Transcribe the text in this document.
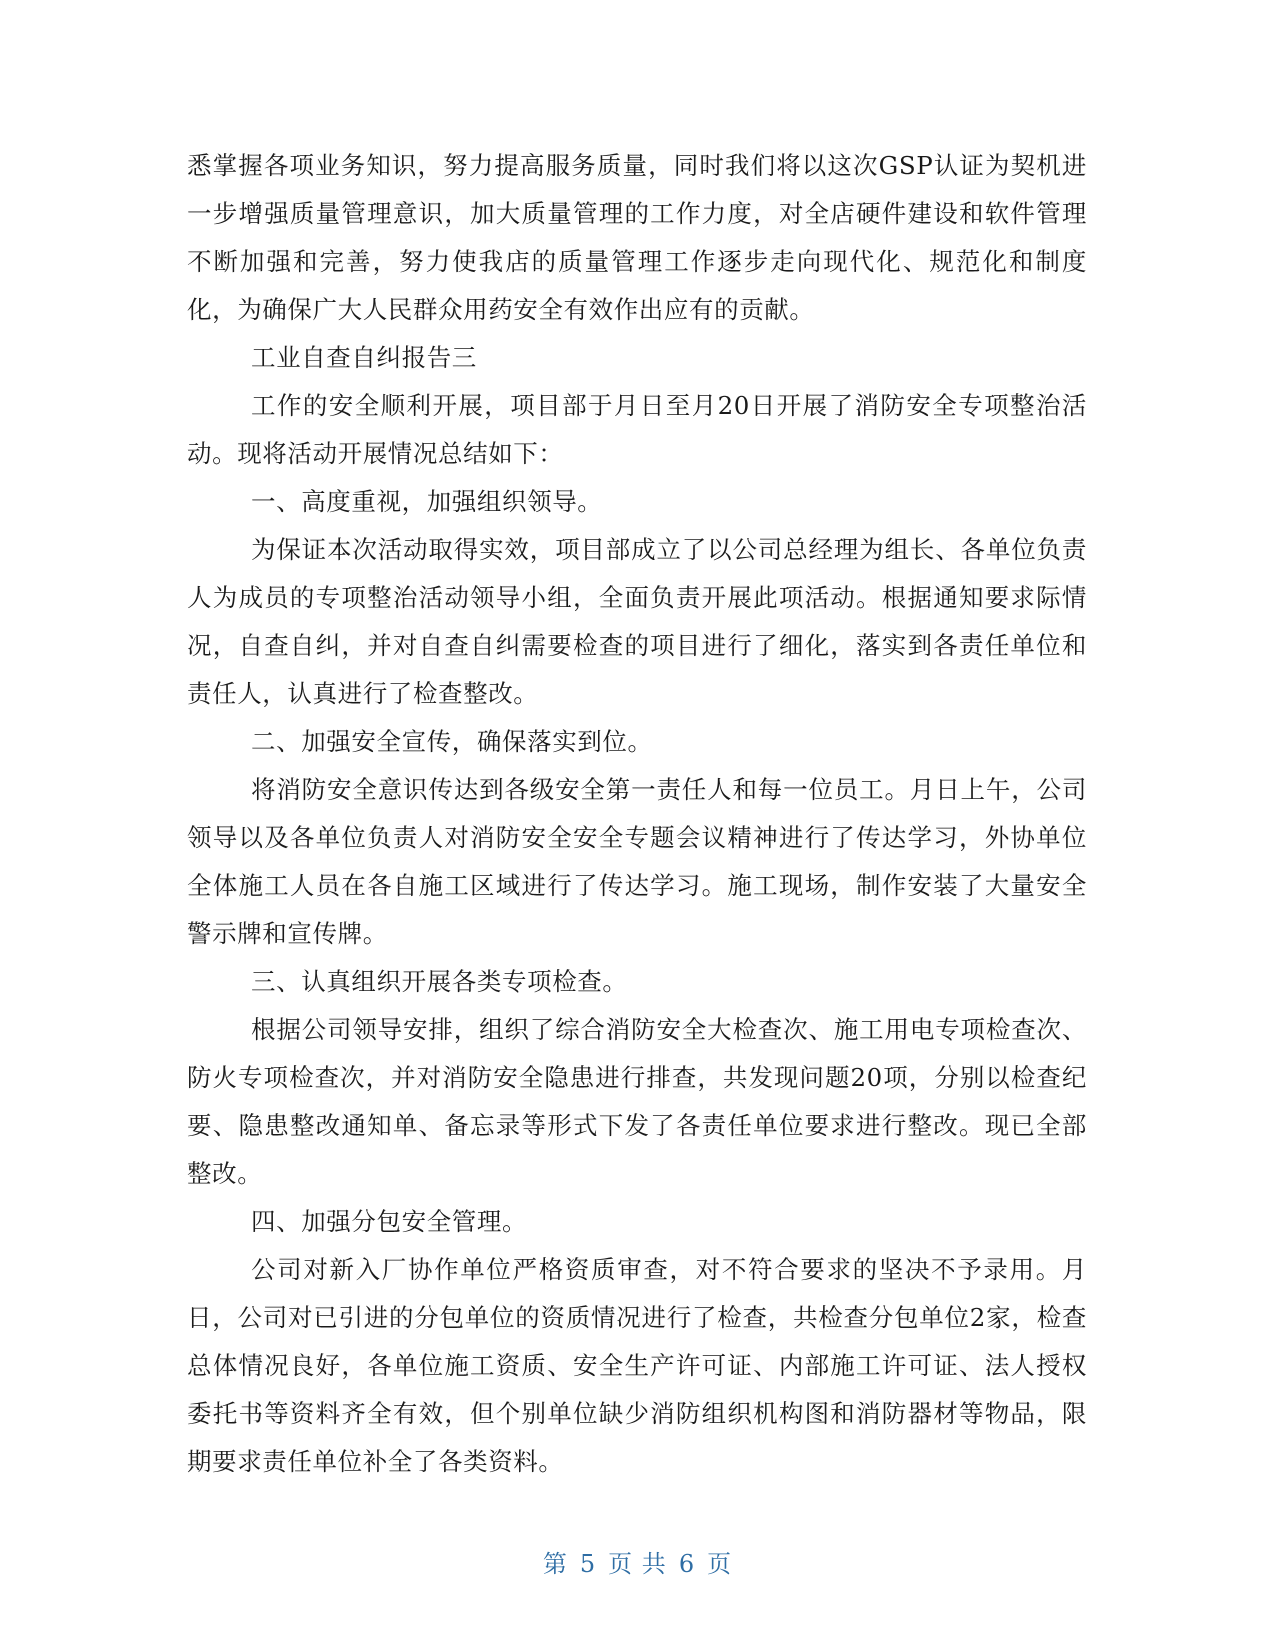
悉掌握各项业务知识，努力提高服务质量，同时我们将以这次GSP认证为契机进一步增强质量管理意识，加大质量管理的工作力度，对全店硬件建设和软件管理不断加强和完善，努力使我店的质量管理工作逐步走向现代化、规范化和制度化，为确保广大人民群众用药安全有效作出应有的贡献。

工业自查自纠报告三

工作的安全顺利开展，项目部于月日至月20日开展了消防安全专项整治活动。现将活动开展情况总结如下：

一、高度重视，加强组织领导。

为保证本次活动取得实效，项目部成立了以公司总经理为组长、各单位负责人为成员的专项整治活动领导小组，全面负责开展此项活动。根据通知要求际情况，自查自纠，并对自查自纠需要检查的项目进行了细化，落实到各责任单位和责任人，认真进行了检查整改。

二、加强安全宣传，确保落实到位。

将消防安全意识传达到各级安全第一责任人和每一位员工。月日上午，公司领导以及各单位负责人对消防安全安全专题会议精神进行了传达学习，外协单位全体施工人员在各自施工区域进行了传达学习。施工现场，制作安装了大量安全警示牌和宣传牌。

三、认真组织开展各类专项检查。

根据公司领导安排，组织了综合消防安全大检查次、施工用电专项检查次、防火专项检查次，并对消防安全隐患进行排查，共发现问题20项，分别以检查纪要、隐患整改通知单、备忘录等形式下发了各责任单位要求进行整改。现已全部整改。

四、加强分包安全管理。

公司对新入厂协作单位严格资质审查，对不符合要求的坚决不予录用。月日，公司对已引进的分包单位的资质情况进行了检查，共检查分包单位2家，检查总体情况良好，各单位施工资质、安全生产许可证、内部施工许可证、法人授权委托书等资料齐全有效，但个别单位缺少消防组织机构图和消防器材等物品，限期要求责任单位补全了各类资料。

第 5 页 共 6 页
